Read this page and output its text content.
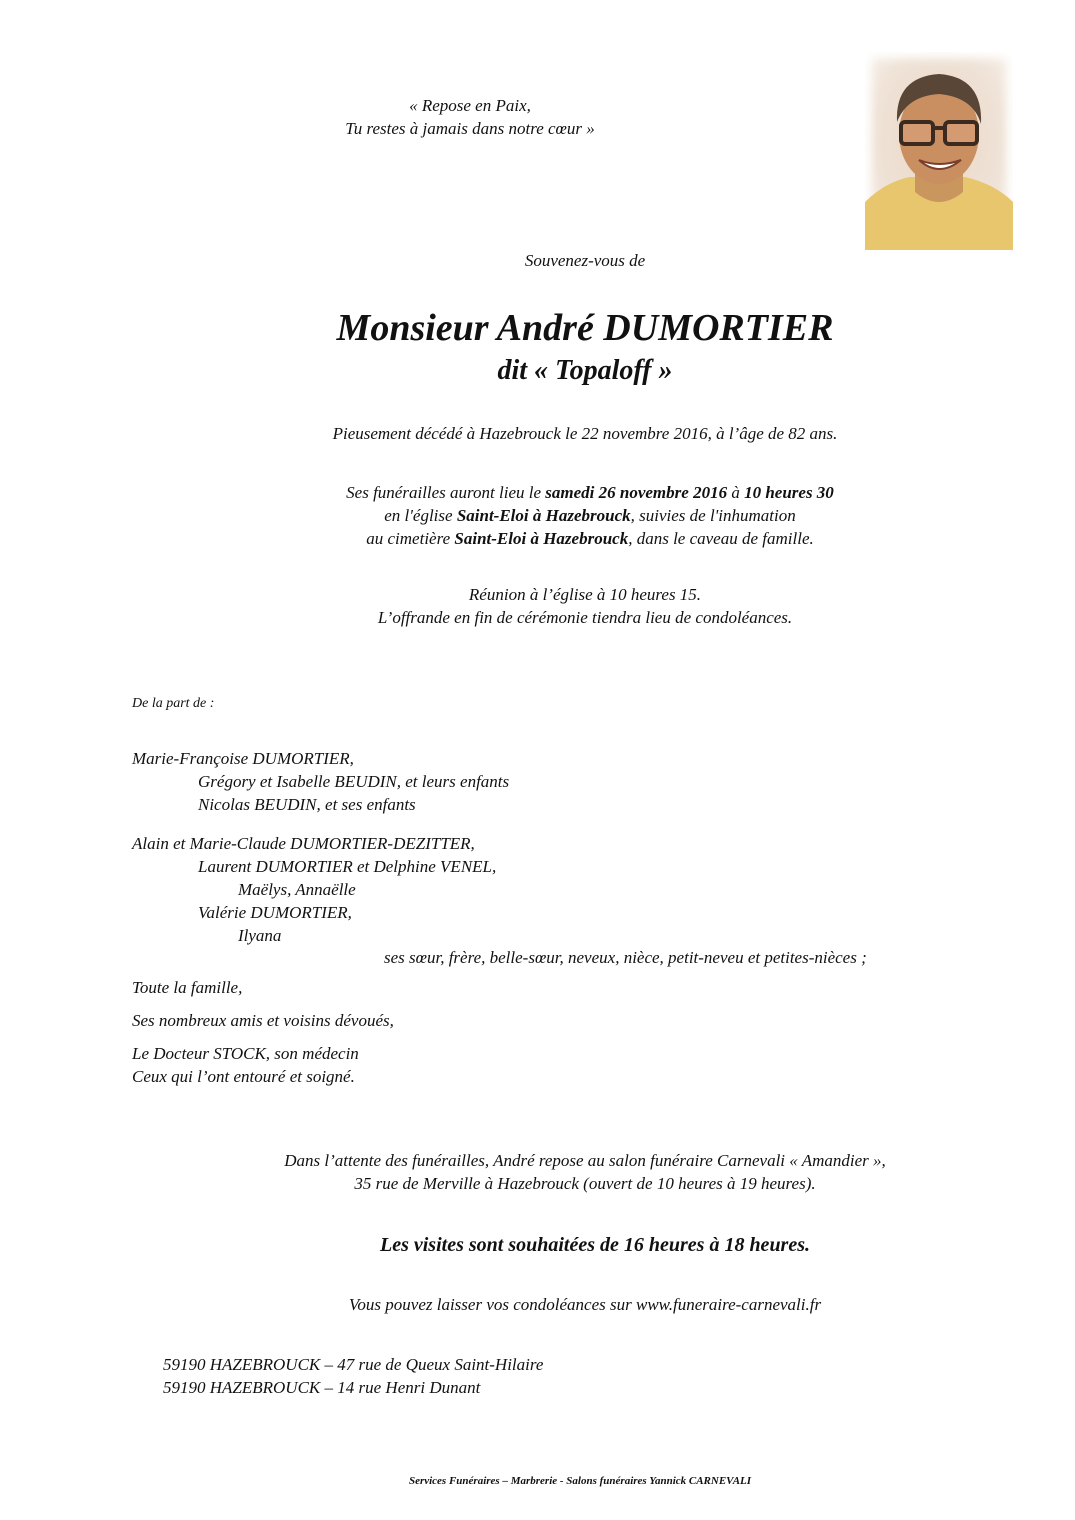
« Repose en Paix,
Tu restes à jamais dans notre cœur »
Souvenez-vous de
Monsieur André DUMORTIER
dit « Topaloff »
Pieusement décédé à Hazebrouck le 22 novembre 2016, à l’âge de 82 ans.
Ses funérailles auront lieu le samedi 26 novembre 2016 à 10 heures 30
en l'église Saint-Eloi à Hazebrouck, suivies de l'inhumation
au cimetière Saint-Eloi à Hazebrouck, dans le caveau de famille.
Réunion à l’église à 10 heures 15.
L’offrande en fin de cérémonie tiendra lieu de condoléances.
De la part de :
Marie-Françoise DUMORTIER,
Grégory et Isabelle BEUDIN, et leurs enfants
Nicolas BEUDIN, et ses enfants
Alain et Marie-Claude DUMORTIER-DEZITTER,
Laurent DUMORTIER et Delphine VENEL,
Maëlys, Annaëlle
Valérie DUMORTIER,
Ilyana
ses sœur, frère, belle-sœur, neveux, nièce, petit-neveu et petites-nièces ;
Toute la famille,
Ses nombreux amis et voisins dévoués,
Le Docteur STOCK, son médecin
Ceux qui l’ont entouré et soigné.
Dans l’attente des funérailles, André repose au salon funéraire Carnevali « Amandier »,
35 rue de Merville à Hazebrouck (ouvert de 10 heures à 19 heures).
Les visites sont souhaitées de 16 heures à 18 heures.
Vous pouvez laisser vos condoléances sur www.funeraire-carnevali.fr
59190 HAZEBROUCK – 47 rue de Queux Saint-Hilaire
59190 HAZEBROUCK – 14 rue Henri Dunant
Services Funéraires – Marbrerie - Salons funéraires Yannick CARNEVALI
